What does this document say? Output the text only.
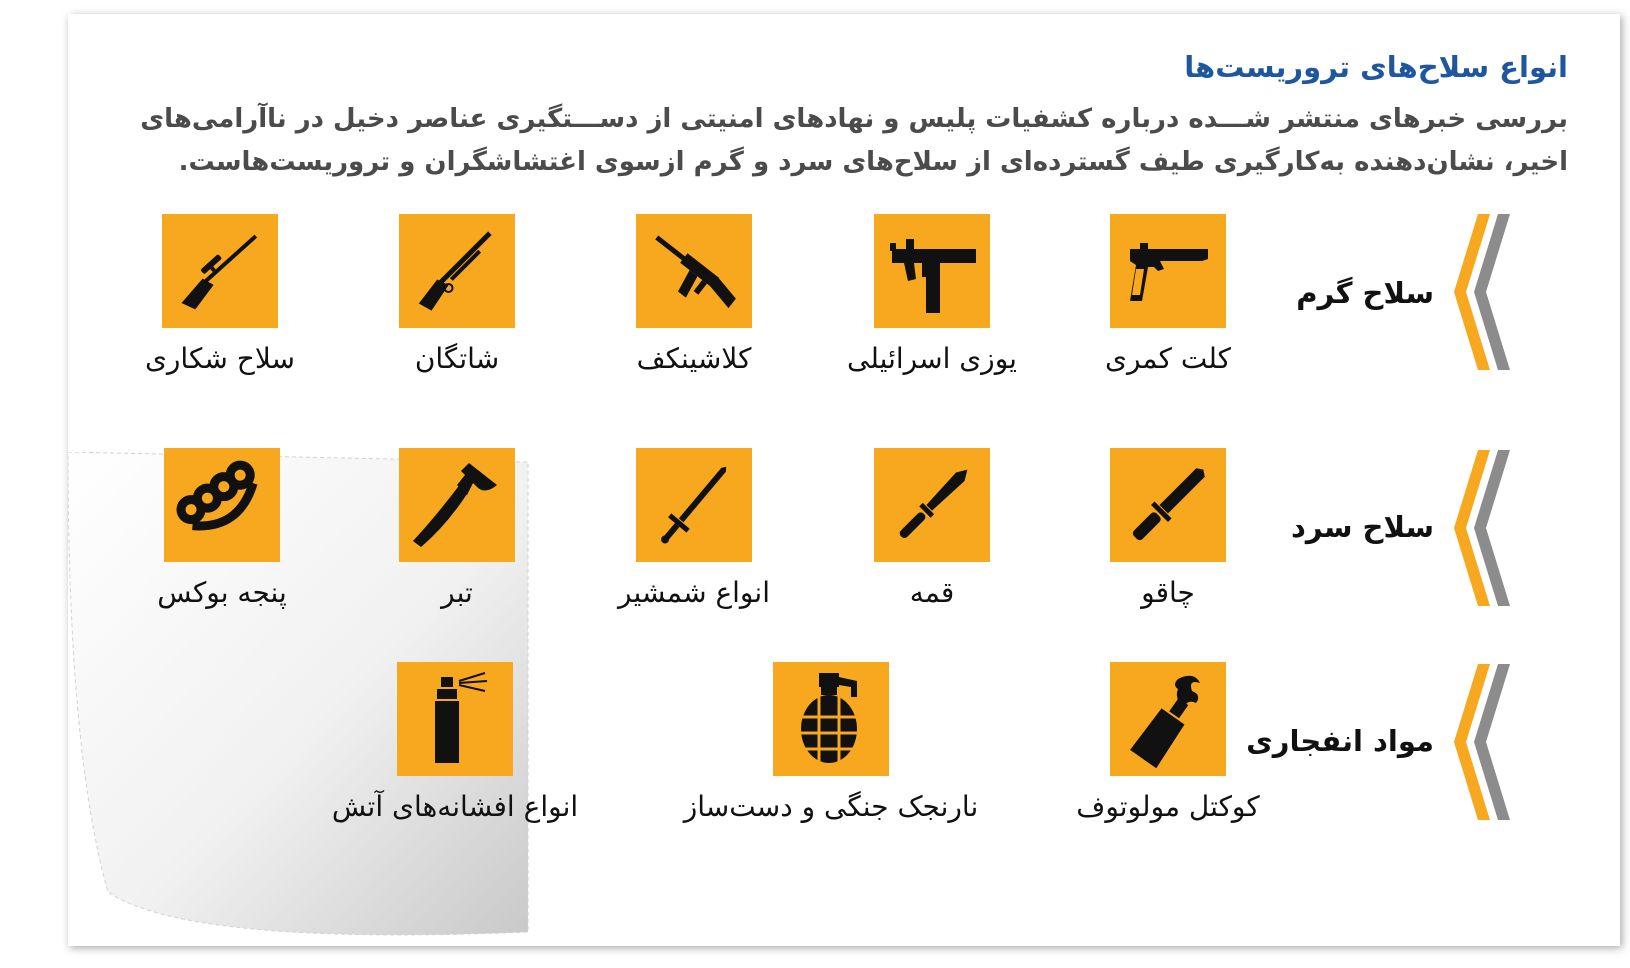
انواع سلاح‌های تروریست‌ها
بررسی خبرهای منتشر شـــده درباره کشفیات پلیس و نهادهای امنیتی از دســـتگیری عناصر دخیل در ناآرامی‌های اخیر، نشان‌دهنده به‌کارگیری طیف گسترده‌ای از سلاح‌های سرد و گرم ازسوی اغتشاشگران و تروریست‌هاست.
سلاح گرم
سلاح سرد
مواد انفجاری
کلت کمری
یوزی اسرائیلی
کلاشینکف
شاتگان
سلاح شکاری
چاقو
قمه
انواع شمشیر
تبر
پنجه بوکس
کوکتل مولوتوف
نارنجک جنگی و دست‌ساز
انواع افشانه‌های آتش
